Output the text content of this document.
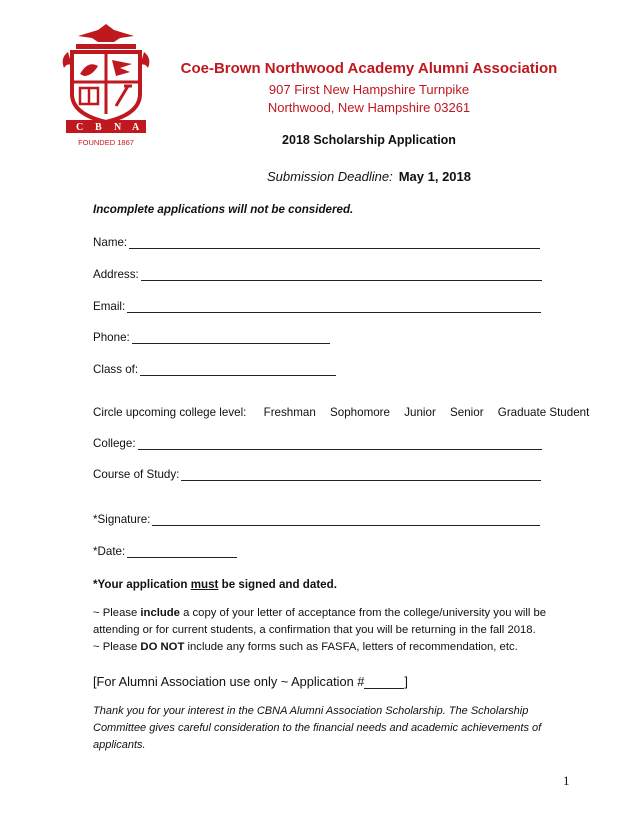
C B N A
FOUNDED 1867
Coe-Brown Northwood Academy Alumni Association
907 First New Hampshire Turnpike
Northwood, New Hampshire 03261
2018 Scholarship Application
Submission Deadline: May 1, 2018
Incomplete applications will not be considered.
Name:
Address:
Email:
Phone:
Class of:
Circle upcoming college level: Freshman Sophomore Junior Senior Graduate Student
College:
Course of Study:
*Signature:
*Date:
*Your application must be signed and dated.
~ Please include a copy of your letter of acceptance from the college/university you will be attending or for current students, a confirmation that you will be returning in the fall 2018.
~ Please DO NOT include any forms such as FASFA, letters of recommendation, etc.
[For Alumni Association use only ~ Application #	]
Thank you for your interest in the CBNA Alumni Association Scholarship. The Scholarship Committee gives careful consideration to the financial needs and academic achievements of applicants.
1
